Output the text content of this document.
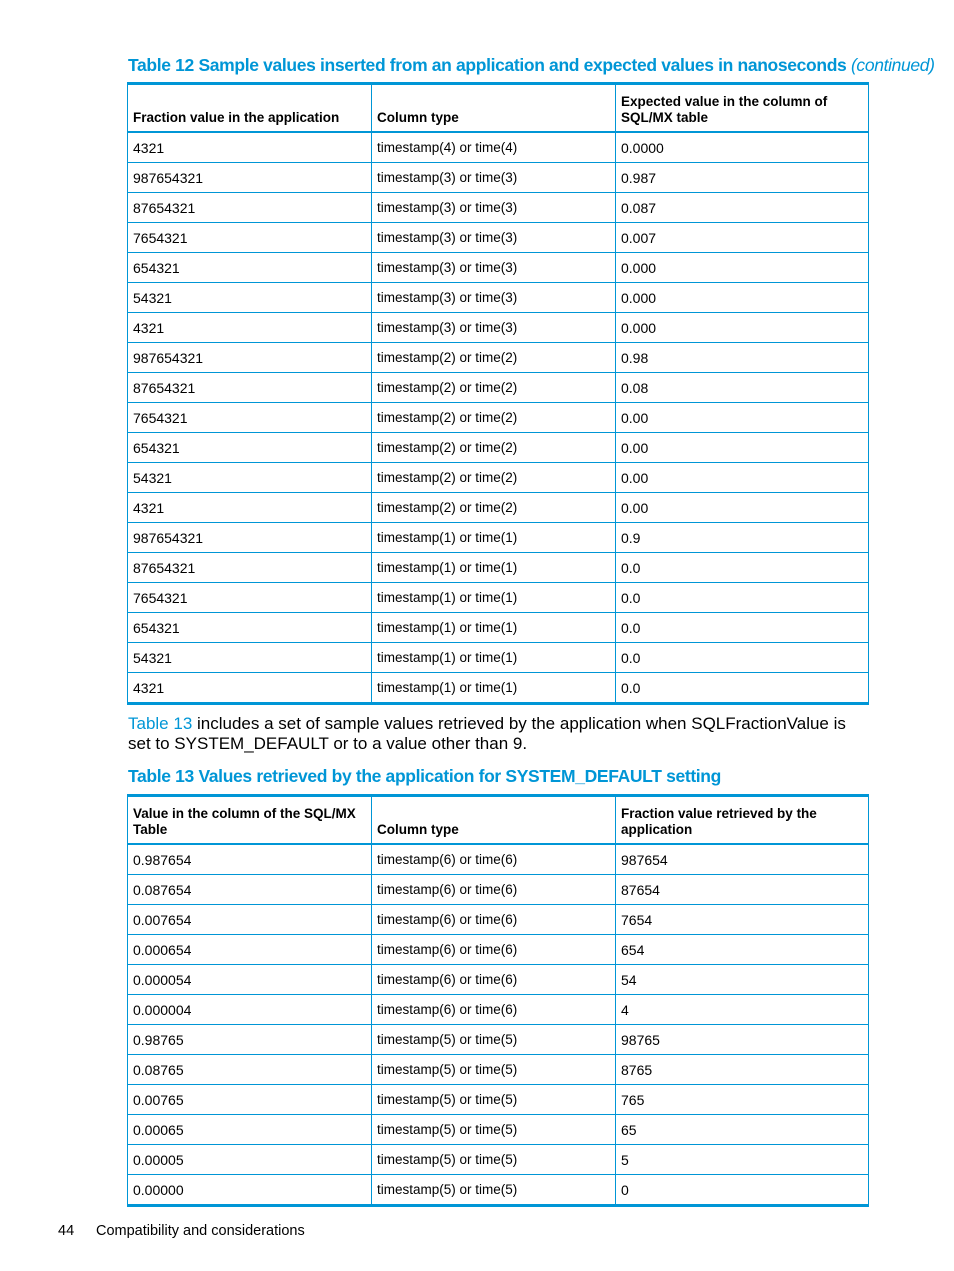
Table 12 Sample values inserted from an application and expected values in nanoseconds (continued)
Fraction value in the application	Column type	Expected value in the column of SQL/MX table
4321	timestamp(4) or time(4)	0.0000
987654321	timestamp(3) or time(3)	0.987
87654321	timestamp(3) or time(3)	0.087
7654321	timestamp(3) or time(3)	0.007
654321	timestamp(3) or time(3)	0.000
54321	timestamp(3) or time(3)	0.000
4321	timestamp(3) or time(3)	0.000
987654321	timestamp(2) or time(2)	0.98
87654321	timestamp(2) or time(2)	0.08
7654321	timestamp(2) or time(2)	0.00
654321	timestamp(2) or time(2)	0.00
54321	timestamp(2) or time(2)	0.00
4321	timestamp(2) or time(2)	0.00
987654321	timestamp(1) or time(1)	0.9
87654321	timestamp(1) or time(1)	0.0
7654321	timestamp(1) or time(1)	0.0
654321	timestamp(1) or time(1)	0.0
54321	timestamp(1) or time(1)	0.0
4321	timestamp(1) or time(1)	0.0
Table 13 includes a set of sample values retrieved by the application when SQLFractionValue is set to SYSTEM_DEFAULT or to a value other than 9.
Table 13 Values retrieved by the application for SYSTEM_DEFAULT setting
Value in the column of the SQL/MX Table	Column type	Fraction value retrieved by the application
0.987654	timestamp(6) or time(6)	987654
0.087654	timestamp(6) or time(6)	87654
0.007654	timestamp(6) or time(6)	7654
0.000654	timestamp(6) or time(6)	654
0.000054	timestamp(6) or time(6)	54
0.000004	timestamp(6) or time(6)	4
0.98765	timestamp(5) or time(5)	98765
0.08765	timestamp(5) or time(5)	8765
0.00765	timestamp(5) or time(5)	765
0.00065	timestamp(5) or time(5)	65
0.00005	timestamp(5) or time(5)	5
0.00000	timestamp(5) or time(5)	0
44 Compatibility and considerations
